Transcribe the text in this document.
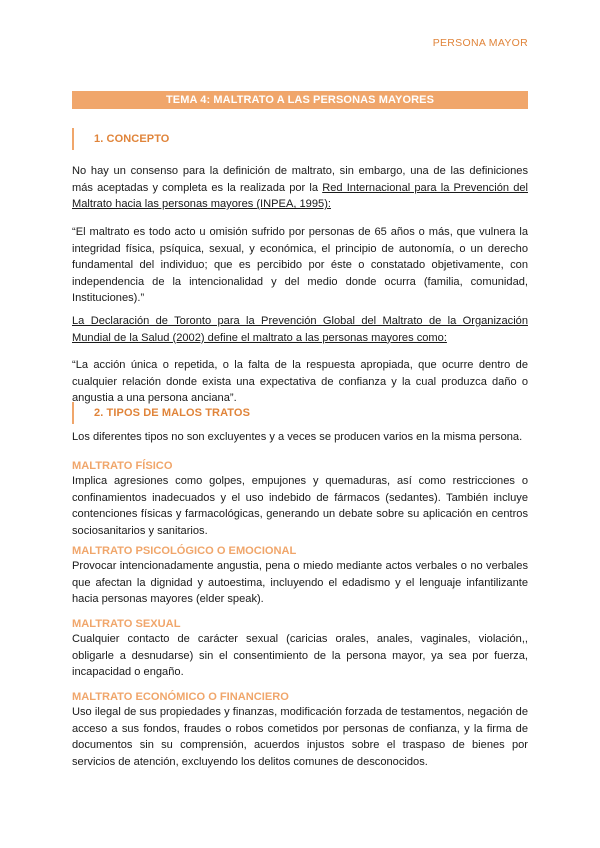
PERSONA MAYOR
TEMA 4: MALTRATO A LAS PERSONAS MAYORES
1. CONCEPTO

No hay un consenso para la definición de maltrato, sin embargo, una de las definiciones más aceptadas y completa es la realizada por la Red Internacional para la Prevención del Maltrato hacia las personas mayores (INPEA, 1995):

“El maltrato es todo acto u omisión sufrido por personas de 65 años o más, que vulnera la integridad física, psíquica, sexual, y económica, el principio de autonomía, o un derecho fundamental del individuo; que es percibido por éste o constatado objetivamente, con independencia de la intencionalidad y del medio donde ocurra (familia, comunidad, Instituciones).”

La Declaración de Toronto para la Prevención Global del Maltrato de la Organización Mundial de la Salud (2002) define el maltrato a las personas mayores como:

“La acción única o repetida, o la falta de la respuesta apropiada, que ocurre dentro de cualquier relación donde exista una expectativa de confianza y la cual produzca daño o angustia a una persona anciana”.

2. TIPOS DE MALOS TRATOS

Los diferentes tipos no son excluyentes y a veces se producen varios en la misma persona.

MALTRATO FÍSICO

Implica agresiones como golpes, empujones y quemaduras, así como restricciones o confinamientos inadecuados y el uso indebido de fármacos (sedantes). También incluye contenciones físicas y farmacológicas, generando un debate sobre su aplicación en centros sociosanitarios y sanitarios.

MALTRATO PSICOLÓGICO O EMOCIONAL

Provocar intencionadamente angustia, pena o miedo mediante actos verbales o no verbales que afectan la dignidad y autoestima, incluyendo el edadismo y el lenguaje infantilizante hacia personas mayores (elder speak).

MALTRATO SEXUAL

Cualquier contacto de carácter sexual (caricias orales, anales, vaginales, violación,, obligarle a desnudarse) sin el consentimiento de la persona mayor, ya sea por fuerza, incapacidad o engaño.

MALTRATO ECONÓMICO O FINANCIERO

Uso ilegal de sus propiedades y finanzas, modificación forzada de testamentos, negación de acceso a sus fondos, fraudes o robos cometidos por personas de confianza, y la firma de documentos sin su comprensión, acuerdos injustos sobre el traspaso de bienes por servicios de atención, excluyendo los delitos comunes de desconocidos.
